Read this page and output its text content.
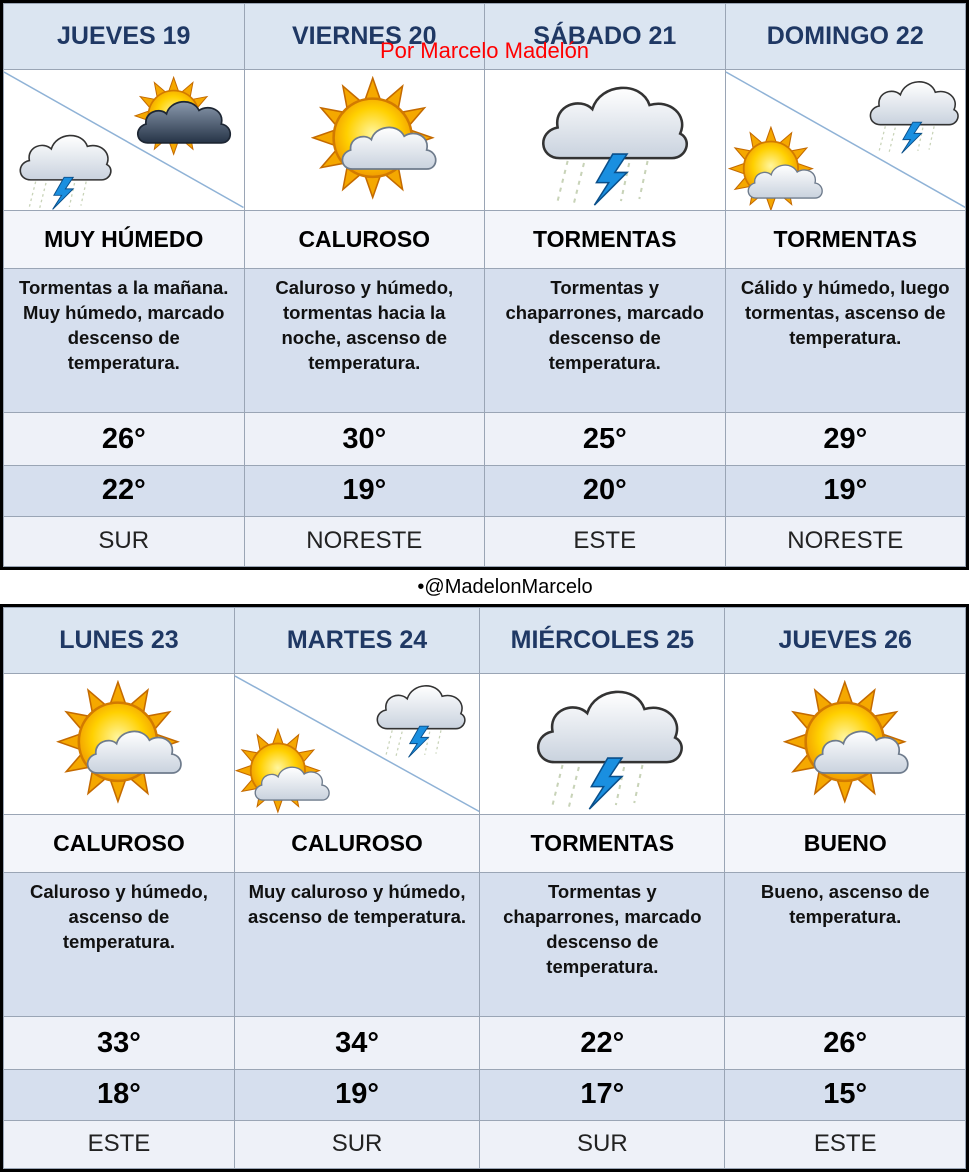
Por Marcelo Madelón
JUEVES 19	VIERNES 20	SÁBADO 21	DOMINGO 22

MUY HÚMEDO	CALUROSO	TORMENTAS	TORMENTAS
Tormentas a la mañana. Muy húmedo, marcado descenso de temperatura.	Caluroso y húmedo, tormentas hacia la noche, ascenso de temperatura.	Tormentas y chaparrones, marcado descenso de temperatura.	Cálido y húmedo, luego tormentas, ascenso de temperatura.
26°	30°	25°	29°
22°	19°	20°	19°
SUR	NORESTE	ESTE	NORESTE
•@MadelonMarcelo
LUNES 23	MARTES 24	MIÉRCOLES 25	JUEVES 26

CALUROSO	CALUROSO	TORMENTAS	BUENO
Caluroso y húmedo, ascenso de temperatura.	Muy caluroso y húmedo, ascenso de temperatura.	Tormentas y chaparrones, marcado descenso de temperatura.	Bueno, ascenso de temperatura.
33°	34°	22°	26°
18°	19°	17°	15°
ESTE	SUR	SUR	ESTE
